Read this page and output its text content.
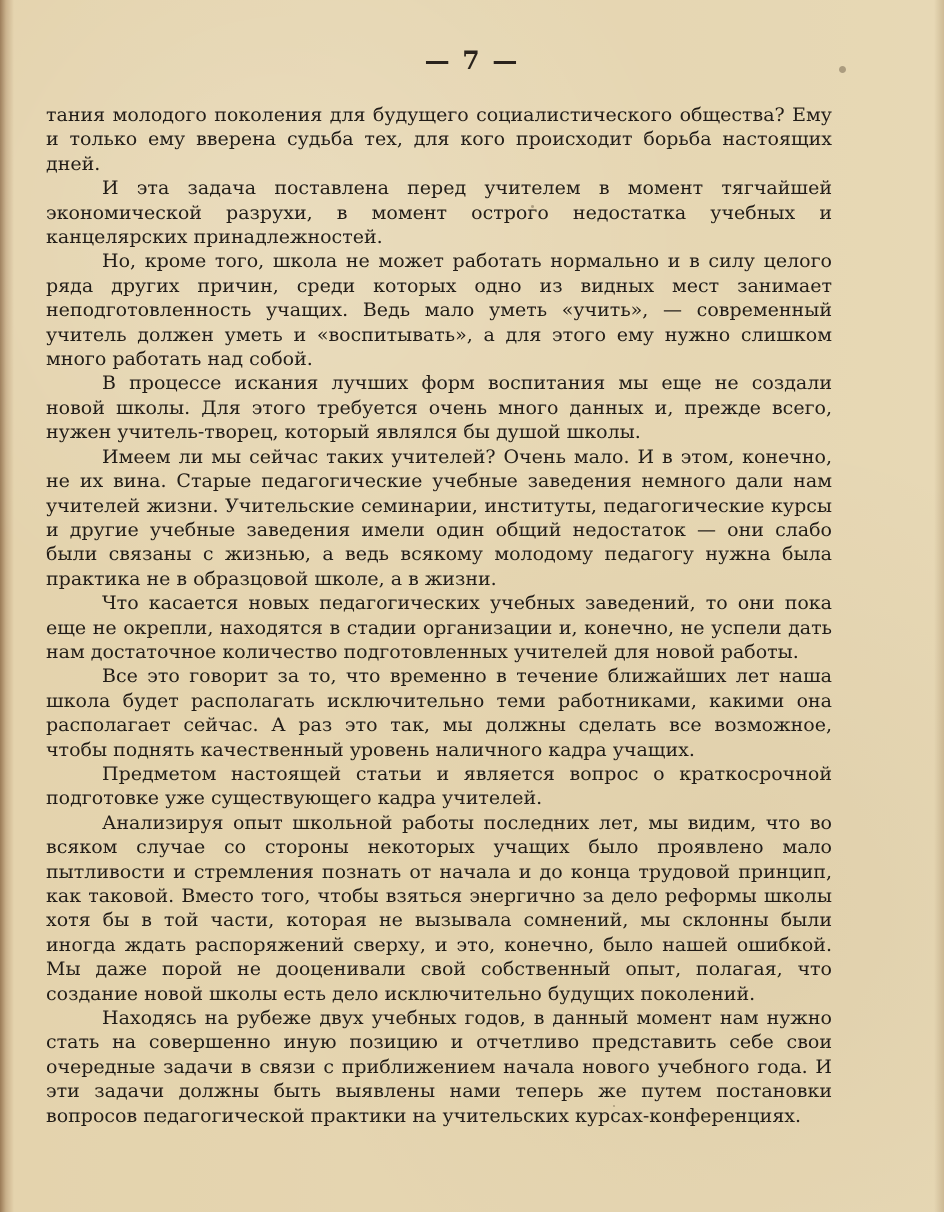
— 7 —

тания молодого поколения для будущего социалистического общества? Ему и только ему вверена судьба тех, для кого происходит борьба настоящих дней.

И эта задача поставлена перед учителем в момент тягчайшей экономической разрухи, в момент острого недостатка учебных и канцелярских принадлежностей.

Но, кроме того, школа не может работать нормально и в силу целого ряда других причин, среди которых одно из видных мест занимает неподготовленность учащих. Ведь мало уметь «учить», — современный учитель должен уметь и «воспитывать», а для этого ему нужно слишком много работать над собой.

В процессе искания лучших форм воспитания мы еще не создали новой школы. Для этого требуется очень много данных и, прежде всего, нужен учитель-творец, который являлся бы душой школы.

Имеем ли мы сейчас таких учителей? Очень мало. И в этом, конечно, не их вина. Старые педагогические учебные заведения немного дали нам учителей жизни. Учительские семинарии, институты, педагогические курсы и другие учебные заведения имели один общий недостаток — они слабо были связаны с жизнью, а ведь всякому молодому педагогу нужна была практика не в образцовой школе, а в жизни.

Что касается новых педагогических учебных заведений, то они пока еще не окрепли, находятся в стадии организации и, конечно, не успели дать нам достаточное количество подготовленных учителей для новой работы.

Все это говорит за то, что временно в течение ближайших лет наша школа будет располагать исключительно теми работниками, какими она располагает сейчас. А раз это так, мы должны сделать все возможное, чтобы поднять качественный уровень наличного кадра учащих.

Предметом настоящей статьи и является вопрос о краткосрочной подготовке уже существующего кадра учителей.

Анализируя опыт школьной работы последних лет, мы видим, что во всяком случае со стороны некоторых учащих было проявлено мало пытливости и стремления познать от начала и до конца трудовой принцип, как таковой. Вместо того, чтобы взяться энергично за дело реформы школы хотя бы в той части, которая не вызывала сомнений, мы склонны были иногда ждать распоряжений сверху, и это, конечно, было нашей ошибкой. Мы даже порой не дооценивали свой собственный опыт, полагая, что создание новой школы есть дело исключительно будущих поколений.

Находясь на рубеже двух учебных годов, в данный момент нам нужно стать на совершенно иную позицию и отчетливо представить себе свои очередные задачи в связи с приближением начала нового учебного года. И эти задачи должны быть выявлены нами теперь же путем постановки вопросов педагогической практики на учительских курсах-конференциях.
